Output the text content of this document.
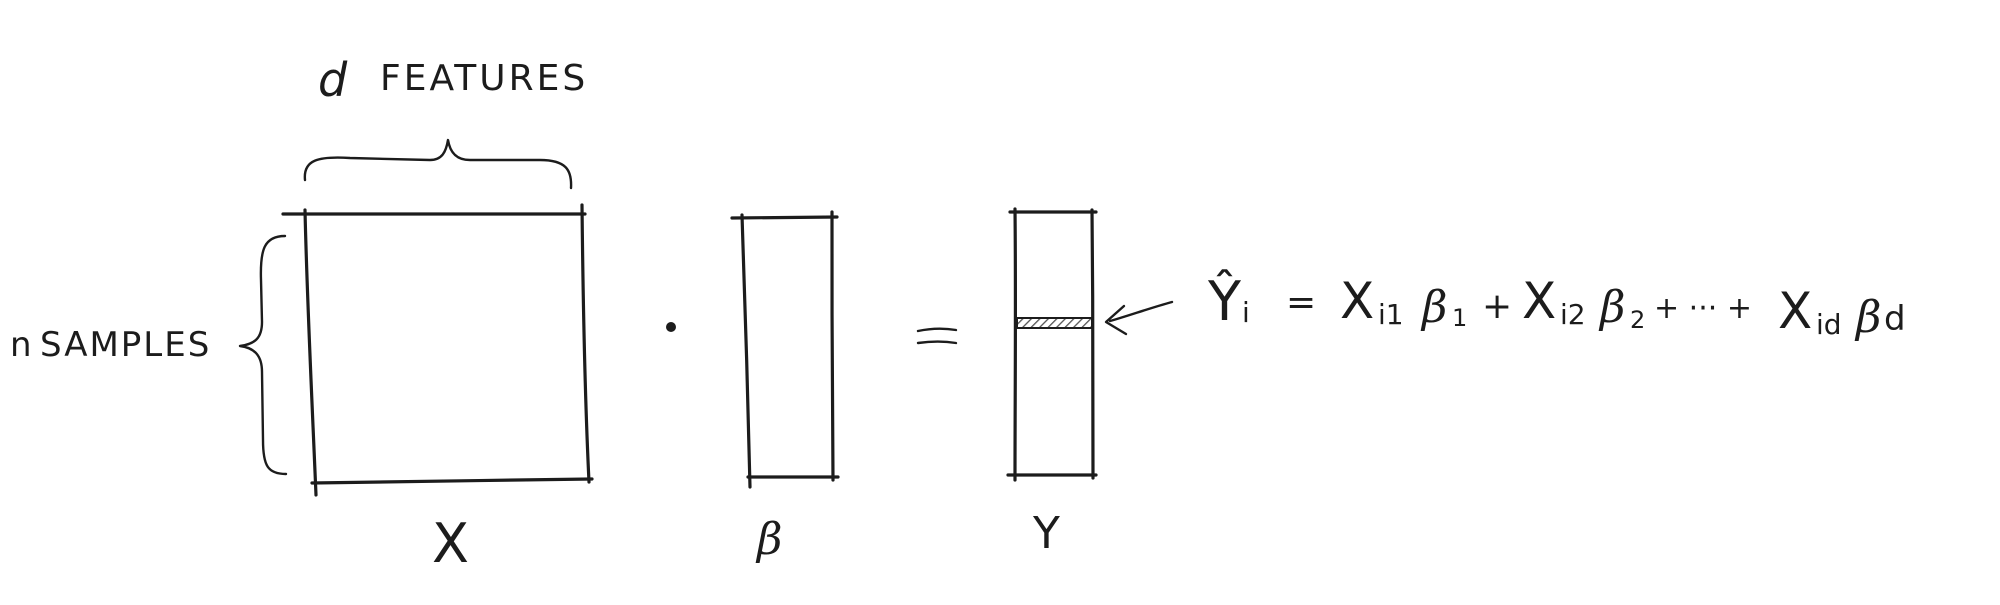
d FEATURES
n SAMPLES
X	β	Y
Ŷ i = X i1 β 1 + X i2 β 2 + ··· + X id β d
